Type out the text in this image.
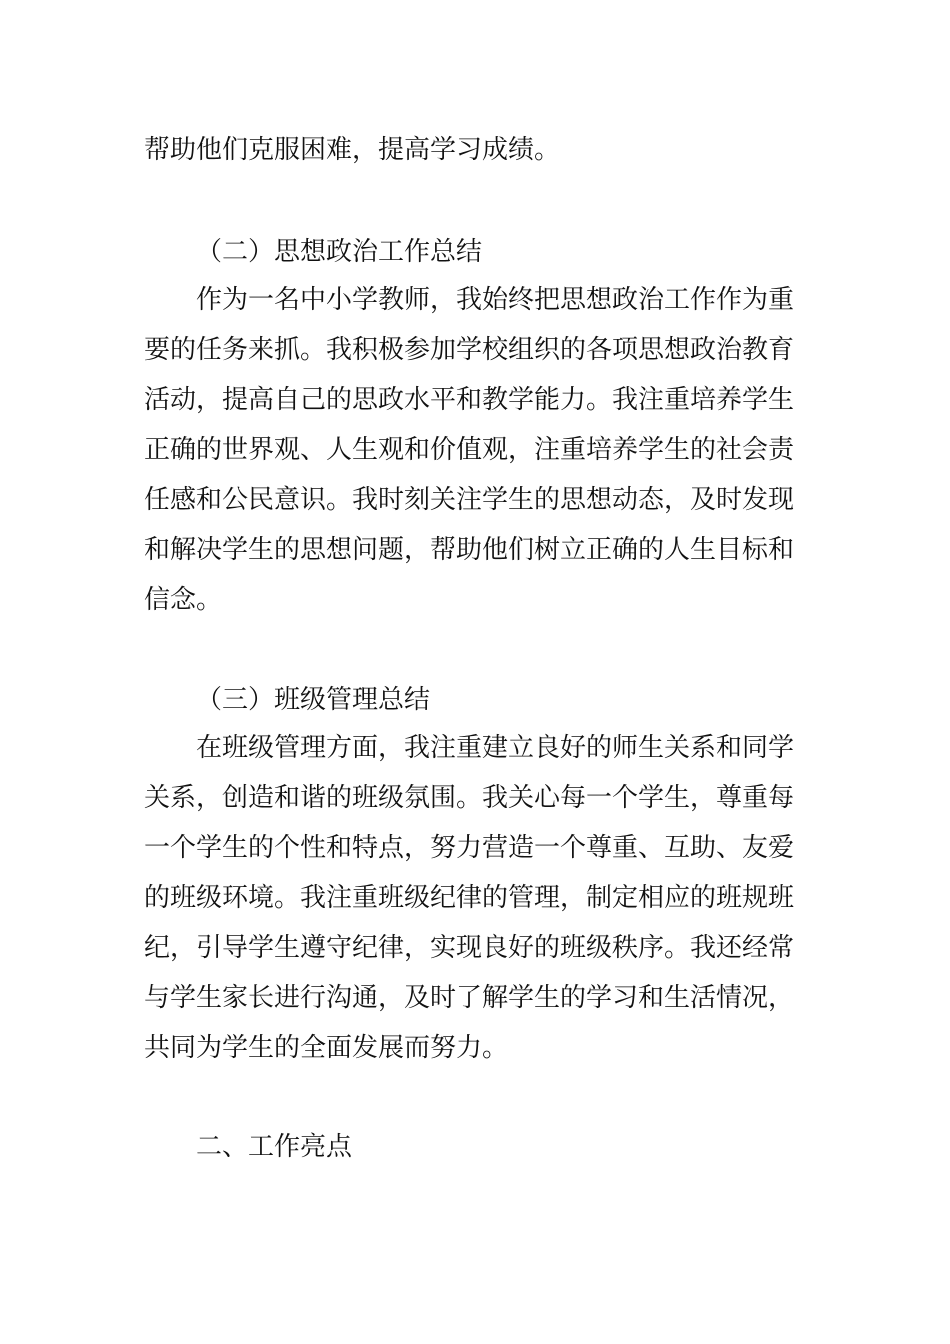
帮助他们克服困难，提高学习成绩。
（二）思想政治工作总结
作为一名中小学教师，我始终把思想政治工作作为重
要的任务来抓。我积极参加学校组织的各项思想政治教育
活动，提高自己的思政水平和教学能力。我注重培养学生
正确的世界观、人生观和价值观，注重培养学生的社会责
任感和公民意识。我时刻关注学生的思想动态，及时发现
和解决学生的思想问题，帮助他们树立正确的人生目标和
信念。
（三）班级管理总结
在班级管理方面，我注重建立良好的师生关系和同学
关系，创造和谐的班级氛围。我关心每一个学生，尊重每
一个学生的个性和特点，努力营造一个尊重、互助、友爱
的班级环境。我注重班级纪律的管理，制定相应的班规班
纪，引导学生遵守纪律，实现良好的班级秩序。我还经常
与学生家长进行沟通，及时了解学生的学习和生活情况，
共同为学生的全面发展而努力。
二、工作亮点
